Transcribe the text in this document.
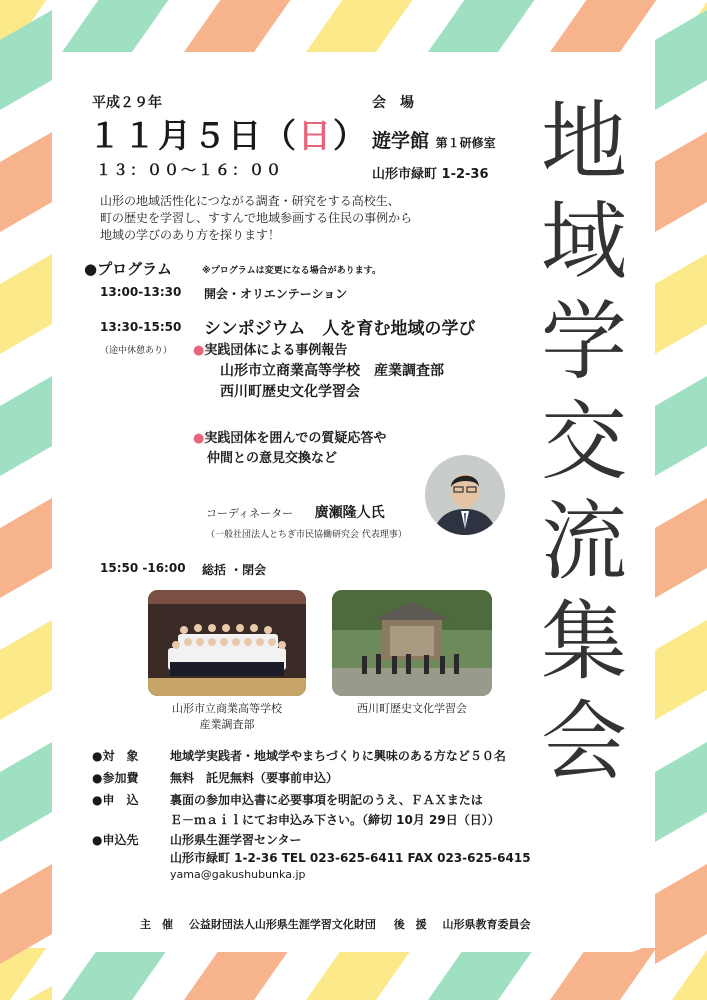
平成２９年
１１月５日（日）
１３：００〜１６：００
会　場
遊学館 第１研修室
山形市緑町 1-2-36 地
域
学
交
流
集
会
山形の地域活性化につながる調査・研究をする高校生、
町の歴史を学習し、すすんで地域参画する住民の事例から
地域の学びのあり方を探ります！
●プログラム	※プログラムは変更になる場合があります。
13:00-13:30 開会・オリエンテーション
13:30-15:50
（途中休憩あり）
シンポジウム　人を育む地域の学び
●実践団体による事例報告
山形市立商業高等学校　産業調査部
西川町歴史文化学習会
●実践団体を囲んでの質疑応答や
仲間との意見交換など
コーディネーター 廣瀬隆人氏
（一般社団法人とちぎ市民協働研究会 代表理事）
15:50 -16:00 総括 ・閉会
山形市立商業高等学校
産業調査部
西川町歴史文化学習会
●対　象	地域学実践者・地域学やまちづくりに興味のある方など５０名
●参加費	無料　託児無料（要事前申込）
●申　込	裏面の参加申込書に必要事項を明記のうえ、ＦＡＸまたは
Ｅ－ｍａｉｌにてお申込み下さい。（締切 10月 29日（日））
●申込先	山形県生涯学習センター
山形市緑町 1-2-36 TEL 023-625-6411 FAX 023-625-6415
yama@gakushubunka.jp
主　催 公益財団法人山形県生涯学習文化財団 後　援 山形県教育委員会
